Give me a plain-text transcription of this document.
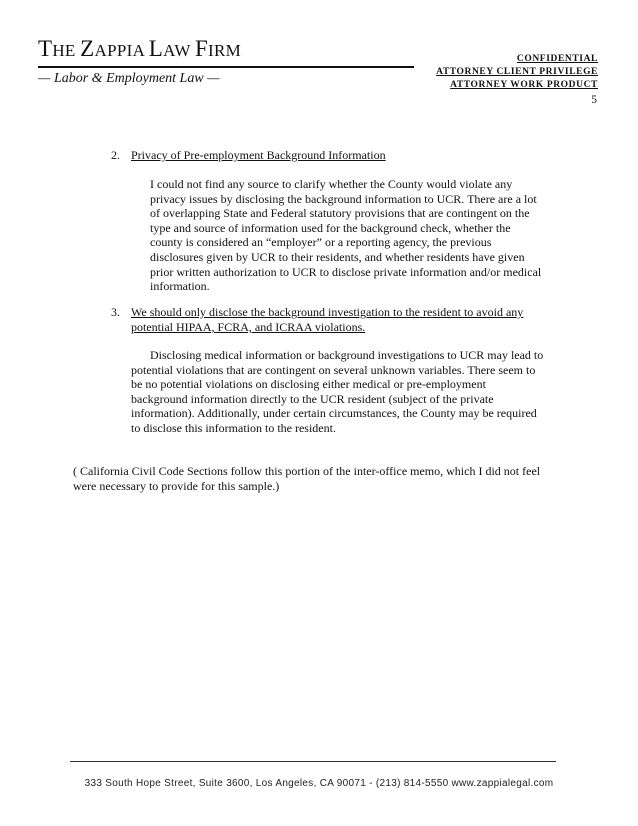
THE ZAPPIA LAW FIRM
— Labor & Employment Law —
CONFIDENTIAL
ATTORNEY CLIENT PRIVILEGE
ATTORNEY WORK PRODUCT
5
2. Privacy of Pre-employment Background Information

I could not find any source to clarify whether the County would violate any

privacy issues by disclosing the background information to UCR. There are a lot

of overlapping State and Federal statutory provisions that are contingent on the

type and source of information used for the background check, whether the

county is considered an “employer” or a reporting agency, the previous

disclosures given by UCR to their residents, and whether residents have given

prior written authorization to UCR to disclose private information and/or medical

information.

3. We should only disclose the background investigation to the resident to avoid any
potential HIPAA, FCRA, and ICRAA violations.

Disclosing medical information or background investigations to UCR may lead to

potential violations that are contingent on several unknown variables. There seem to

be no potential violations on disclosing either medical or pre-employment

background information directly to the UCR resident (subject of the private

information). Additionally, under certain circumstances, the County may be required

to disclose this information to the resident.

( California Civil Code Sections follow this portion of the inter-office memo, which I did not feel

were necessary to provide for this sample.)

333 South Hope Street, Suite 3600, Los Angeles, CA 90071 - (213) 814-5550 www.zappialegal.com
